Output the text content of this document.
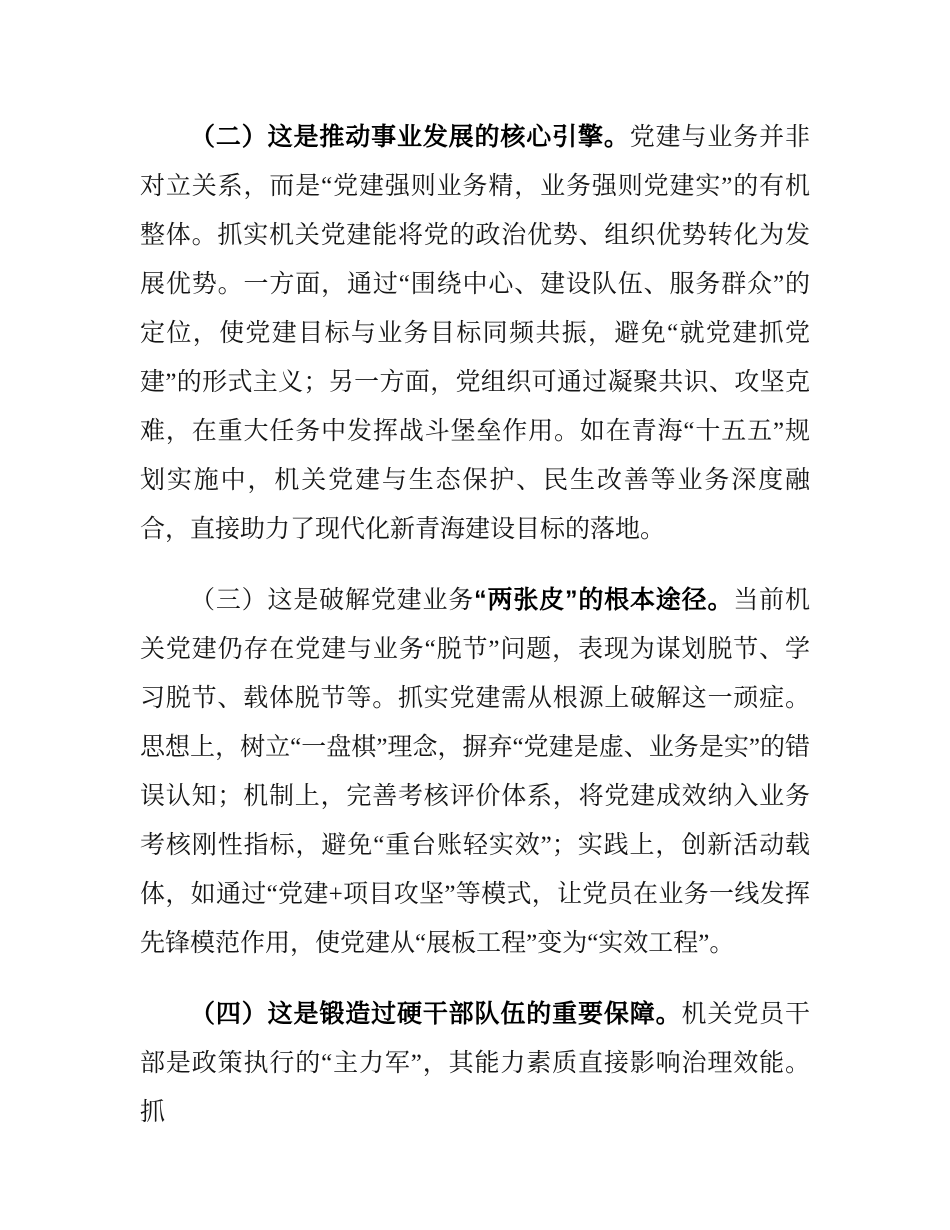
（二）这是推动事业发展的核心引擎。党建与业务并非对立关系，而是“党建强则业务精，业务强则党建实”的有机整体。抓实机关党建能将党的政治优势、组织优势转化为发展优势。一方面，通过“围绕中心、建设队伍、服务群众”的定位，使党建目标与业务目标同频共振，避免“就党建抓党建”的形式主义；另一方面，党组织可通过凝聚共识、攻坚克难，在重大任务中发挥战斗堡垒作用。如在青海“十五五”规划实施中，机关党建与生态保护、民生改善等业务深度融合，直接助力了现代化新青海建设目标的落地。

（三）这是破解党建业务“两张皮”的根本途径。当前机关党建仍存在党建与业务“脱节”问题，表现为谋划脱节、学习脱节、载体脱节等。抓实党建需从根源上破解这一顽症。思想上，树立“一盘棋”理念，摒弃“党建是虚、业务是实”的错误认知；机制上，完善考核评价体系，将党建成效纳入业务考核刚性指标，避免“重台账轻实效”；实践上，创新活动载体，如通过“党建+项目攻坚”等模式，让党员在业务一线发挥先锋模范作用，使党建从“展板工程”变为“实效工程”。

（四）这是锻造过硬干部队伍的重要保障。机关党员干部是政策执行的“主力军”，其能力素质直接影响治理效能。抓
